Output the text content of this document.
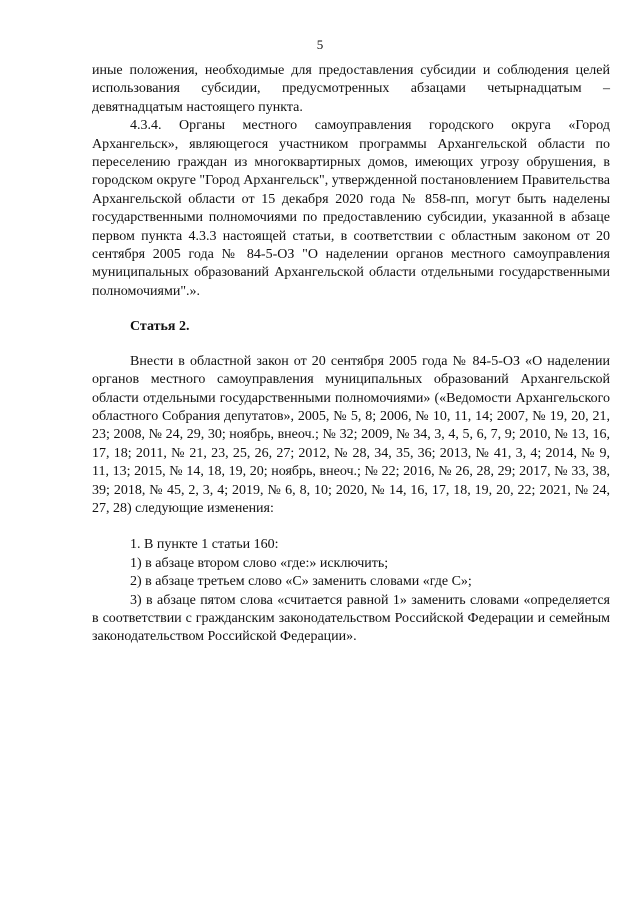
5

иные положения, необходимые для предоставления субсидии и соблюдения целей использования субсидии, предусмотренных абзацами четырнадцатым – девятнадцатым настоящего пункта.

4.3.4. Органы местного самоуправления городского округа «Город Архангельск», являющегося участником программы Архангельской области по переселению граждан из многоквартирных домов, имеющих угрозу обрушения, в городском округе "Город Архангельск", утвержденной постановлением Правительства Архангельской области от 15 декабря 2020 года № 858-пп, могут быть наделены государственными полномочиями по предоставлению субсидии, указанной в абзаце первом пункта 4.3.3 настоящей статьи, в соответствии с областным законом от 20 сентября 2005 года № 84-5-ОЗ "О наделении органов местного самоуправления муниципальных образований Архангельской области отдельными государственными полномочиями".».

Статья 2.

Внести в областной закон от 20 сентября 2005 года № 84-5-ОЗ «О наделении органов местного самоуправления муниципальных образований Архангельской области отдельными государственными полномочиями» («Ведомости Архангельского областного Собрания депутатов», 2005, № 5, 8; 2006, № 10, 11, 14; 2007, № 19, 20, 21, 23; 2008, № 24, 29, 30; ноябрь, внеоч.; № 32; 2009, № 34, 3, 4, 5, 6, 7, 9; 2010, № 13, 16, 17, 18; 2011, № 21, 23, 25, 26, 27; 2012, № 28, 34, 35, 36; 2013, № 41, 3, 4; 2014, № 9, 11, 13; 2015, № 14, 18, 19, 20; ноябрь, внеоч.; № 22; 2016, № 26, 28, 29; 2017, № 33, 38, 39; 2018, № 45, 2, 3, 4; 2019, № 6, 8, 10; 2020, № 14, 16, 17, 18, 19, 20, 22; 2021, № 24, 27, 28) следующие изменения:

1. В пункте 1 статьи 160:

1) в абзаце втором слово «где:» исключить;

2) в абзаце третьем слово «С» заменить словами «где С»;

3) в абзаце пятом слова «считается равной 1» заменить словами «определяется в соответствии с гражданским законодательством Российской Федерации и семейным законодательством Российской Федерации».
